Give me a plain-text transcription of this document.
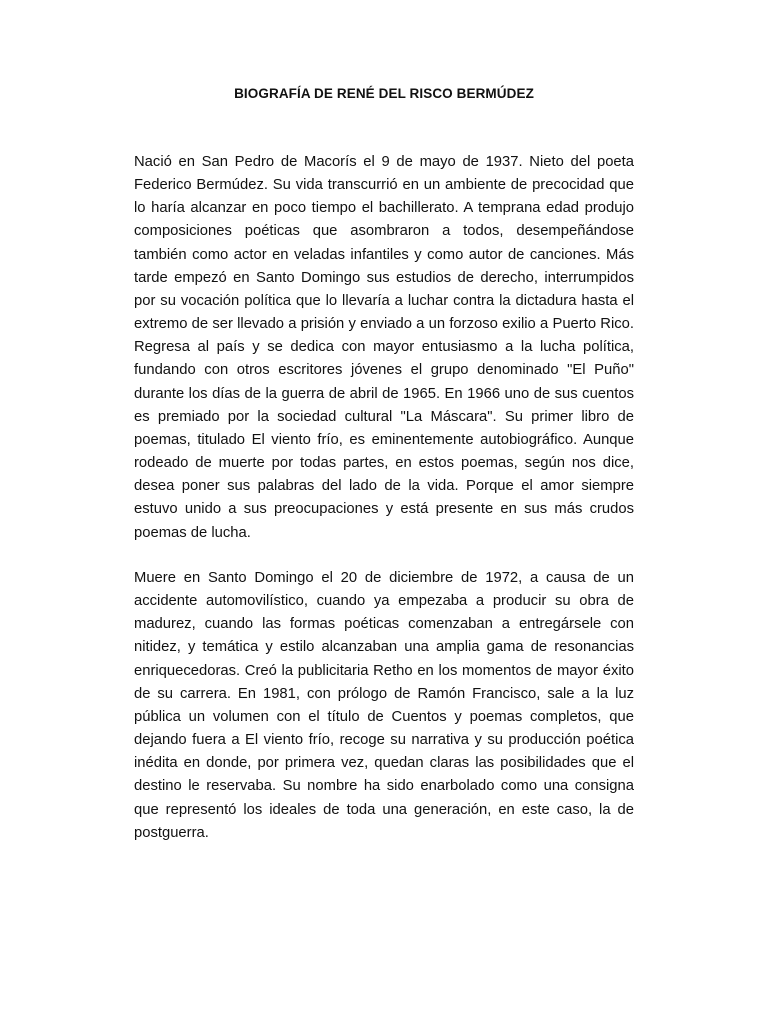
BIOGRAFÍA DE RENÉ DEL RISCO BERMÚDEZ

Nació en San Pedro de Macorís el 9 de mayo de 1937. Nieto del poeta Federico Bermúdez. Su vida transcurrió en un ambiente de precocidad que lo haría alcanzar en poco tiempo el bachillerato. A temprana edad produjo composiciones poéticas que asombraron a todos, desempeñándose también como actor en veladas infantiles y como autor de canciones. Más tarde empezó en Santo Domingo sus estudios de derecho, interrumpidos por su vocación política que lo llevaría a luchar contra la dictadura hasta el extremo de ser llevado a prisión y enviado a un forzoso exilio a Puerto Rico. Regresa al país y se dedica con mayor entusiasmo a la lucha política, fundando con otros escritores jóvenes el grupo denominado "El Puño" durante los días de la guerra de abril de 1965. En 1966 uno de sus cuentos es premiado por la sociedad cultural "La Máscara". Su primer libro de poemas, titulado El viento frío, es eminentemente autobiográfico. Aunque rodeado de muerte por todas partes, en estos poemas, según nos dice, desea poner sus palabras del lado de la vida. Porque el amor siempre estuvo unido a sus preocupaciones y está presente en sus más crudos poemas de lucha.

Muere en Santo Domingo el 20 de diciembre de 1972, a causa de un accidente automovilístico, cuando ya empezaba a producir su obra de madurez, cuando las formas poéticas comenzaban a entregársele con nitidez, y temática y estilo alcanzaban una amplia gama de resonancias enriquecedoras. Creó la publicitaria Retho en los momentos de mayor éxito de su carrera. En 1981, con prólogo de Ramón Francisco, sale a la luz pública un volumen con el título de Cuentos y poemas completos, que dejando fuera a El viento frío, recoge su narrativa y su producción poética inédita en donde, por primera vez, quedan claras las posibilidades que el destino le reservaba. Su nombre ha sido enarbolado como una consigna que representó los ideales de toda una generación, en este caso, la de postguerra.
